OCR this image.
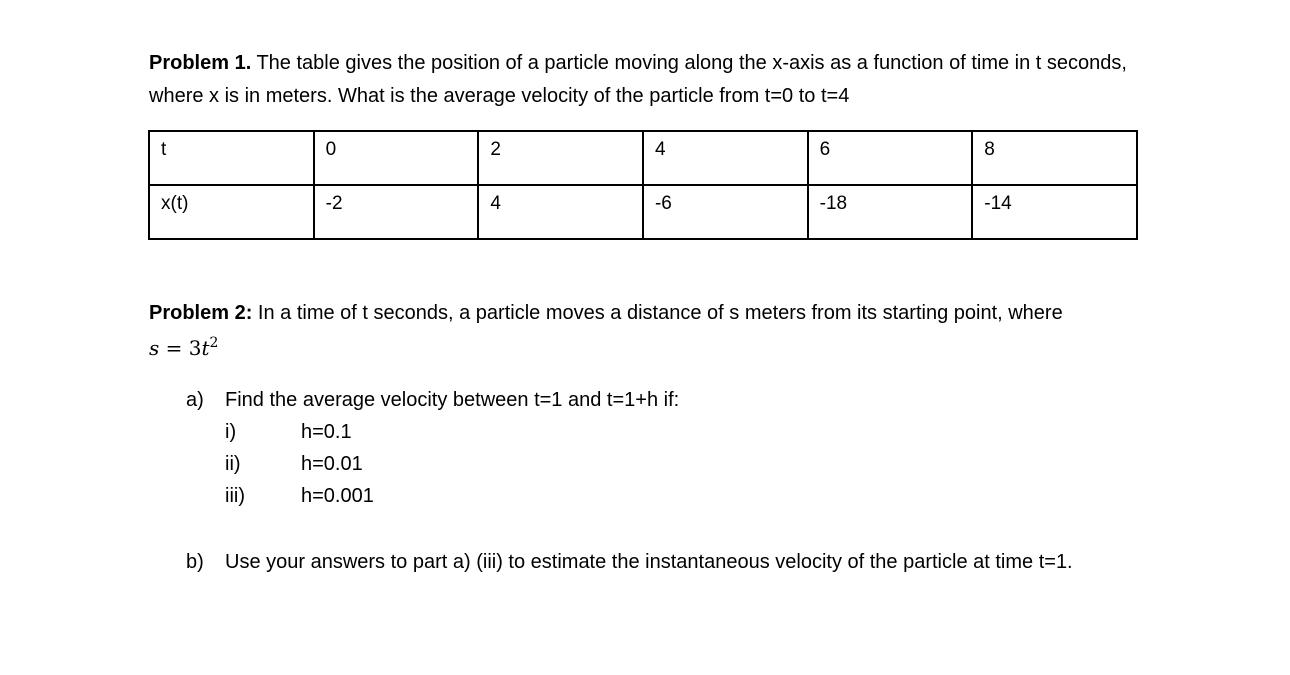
Problem 1. The table gives the position of a particle moving along the x-axis as a function of time in t seconds, where x is in meters. What is the average velocity of the particle from t=0 to t=4
t	0	2	4	6	8

x(t)	-2	4	-6	-18	-14
Problem 2: In a time of t seconds, a particle moves a distance of s meters from its starting point, where
$s = 3t^2$
a)	Find the average velocity between t=1 and t=1+h if:
i)	h=0.1
ii)	h=0.01
iii)	h=0.001
b)	Use your answers to part a) (iii) to estimate the instantaneous velocity of the particle at time t=1.
